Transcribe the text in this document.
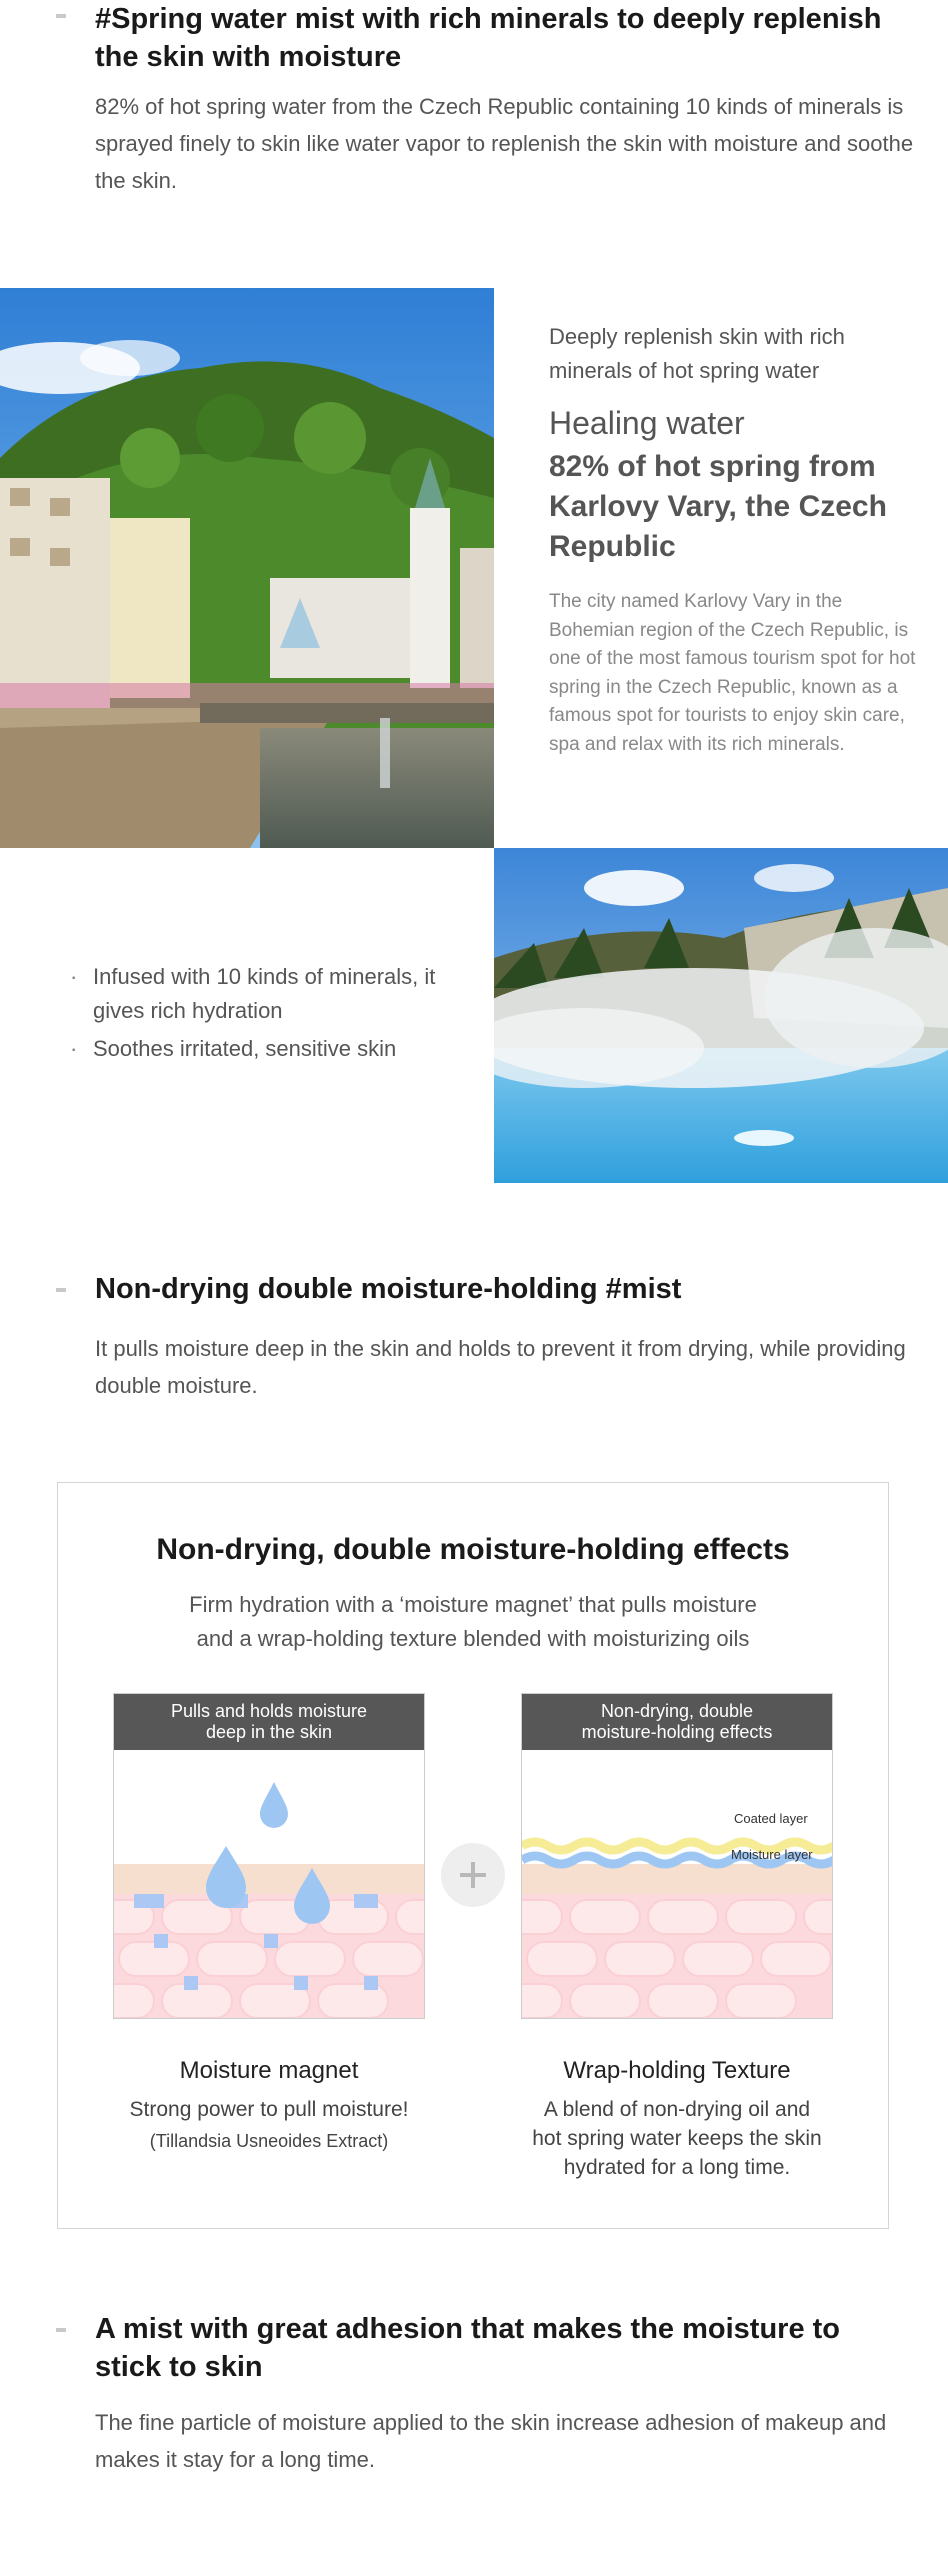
#Spring water mist with rich minerals to deeply replenish the skin with moisture

82% of hot spring water from the Czech Republic containing 10 kinds of minerals is sprayed finely to skin like water vapor to replenish the skin with moisture and soothe the skin.

Deeply replenish skin with rich minerals of hot spring water
Healing water
82% of hot spring from Karlovy Vary, the Czech Republic
The city named Karlovy Vary in the Bohemian region of the Czech Republic, is one of the most famous tourism spot for hot spring in the Czech Republic, known as a famous spot for tourists to enjoy skin care, spa and relax with its rich minerals.
· Infused with 10 kinds of minerals, it gives rich hydration
· Soothes irritated, sensitive skin
Non-drying double moisture-holding #mist

It pulls moisture deep in the skin and holds to prevent it from drying, while providing double moisture.

Non-drying, double moisture-holding effects
Firm hydration with a ‘moisture magnet’ that pulls moisture and a wrap-holding texture blended with moisturizing oils
Pulls and holds moisture
deep in the skin
Non-drying, double
moisture-holding effects
Coated layer
Moisture layer
Moisture magnet
Strong power to pull moisture!
(Tillandsia Usneoides Extract)
Wrap-holding Texture
A blend of non-drying oil and hot spring water keeps the skin hydrated for a long time.
A mist with great adhesion that makes the moisture to stick to skin

The fine particle of moisture applied to the skin increase adhesion of makeup and makes it stay for a long time.
